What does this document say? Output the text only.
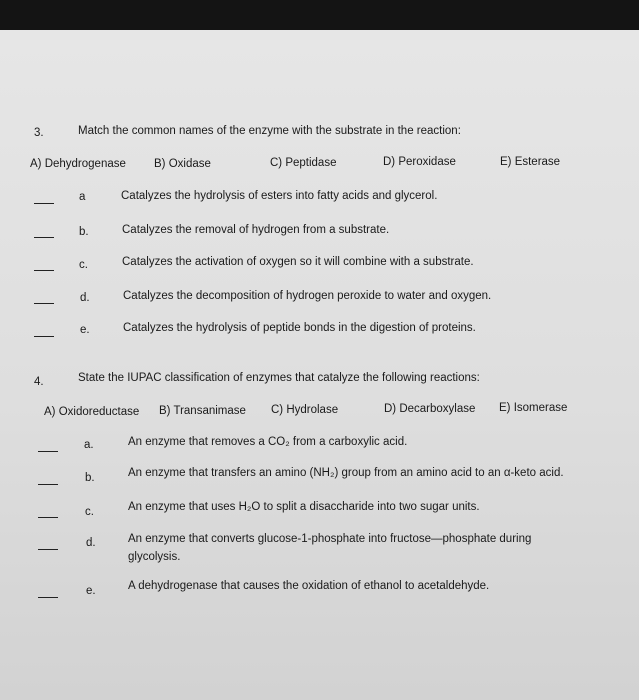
3.	Match the common names of the enzyme with the substrate in the reaction:
A) Dehydrogenase B) Oxidase	C) Peptidase	D) Peroxidase	E) Esterase
a	Catalyzes the hydrolysis of esters into fatty acids and glycerol.
b.	Catalyzes the removal of hydrogen from a substrate.
c.	Catalyzes the activation of oxygen so it will combine with a substrate.
d.	Catalyzes the decomposition of hydrogen peroxide to water and oxygen.
e.	Catalyzes the hydrolysis of peptide bonds in the digestion of proteins.
4.	State the IUPAC classification of enzymes that catalyze the following reactions:
A) Oxidoreductase B) Transanimase C) Hydrolase	D) Decarboxylase E) Isomerase
a.	An enzyme that removes a CO₂ from a carboxylic acid.
b.	An enzyme that transfers an amino (NH₂) group from an amino acid to an α-keto acid.
c.	An enzyme that uses H₂O to split a disaccharide into two sugar units.
d.	An enzyme that converts glucose-1-phosphate into fructose—phosphate during
glycolysis.
e.	A dehydrogenase that causes the oxidation of ethanol to acetaldehyde.
